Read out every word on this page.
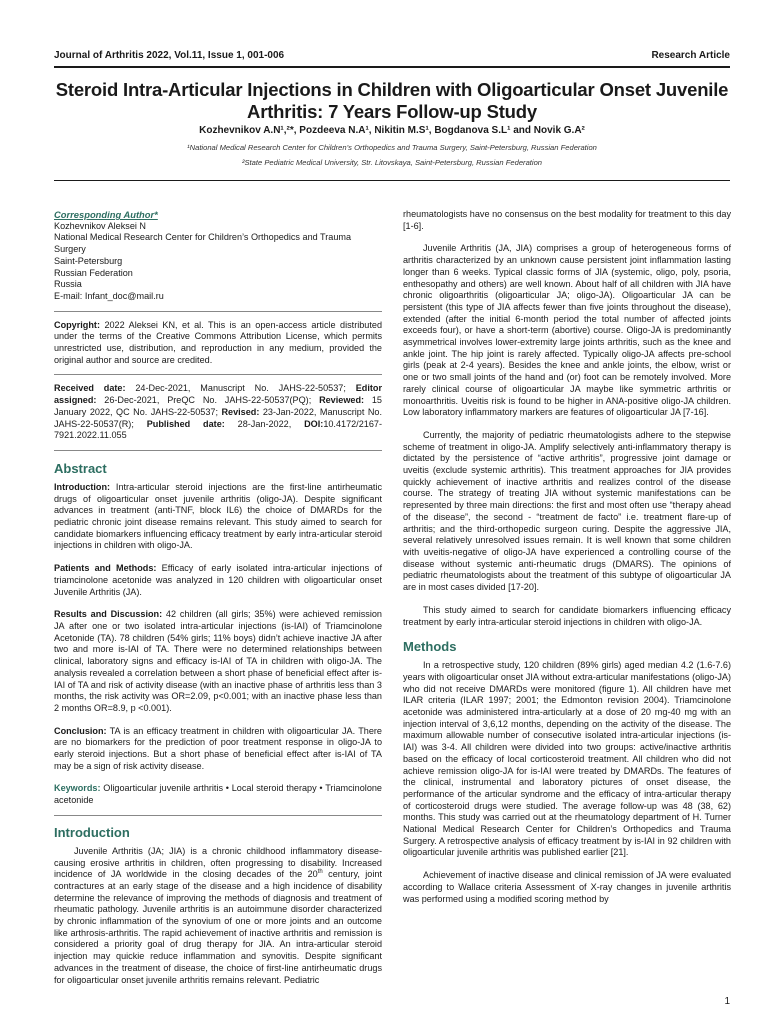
Journal of Arthritis 2022, Vol.11, Issue 1, 001-006	Research Article
Steroid Intra-Articular Injections in Children with Oligoarticular Onset Juvenile Arthritis: 7 Years Follow-up Study
Kozhevnikov A.N¹,²*, Pozdeeva N.A¹, Nikitin M.S¹, Bogdanova S.L¹ and Novik G.A²
¹National Medical Research Center for Children’s Orthopedics and Trauma Surgery, Saint-Petersburg, Russian Federation
²State Pediatric Medical University, Str. Litovskaya, Saint-Petersburg, Russian Federation

Corresponding Author*

Kozhevnikov Aleksei N

National Medical Research Center for Children’s Orthopedics and Trauma Surgery

Saint-Petersburg

Russian Federation

Russia

E-mail: Infant_doc@mail.ru

Copyright: 2022 Aleksei KN, et al. This is an open-access article distributed under the terms of the Creative Commons Attribution License, which permits unrestricted use, distribution, and reproduction in any medium, provided the original author and source are credited.

Received date: 24-Dec-2021, Manuscript No. JAHS-22-50537; Editor assigned: 26-Dec-2021, PreQC No. JAHS-22-50537(PQ); Reviewed: 15 January 2022, QC No. JAHS-22-50537; Revised: 23-Jan-2022, Manuscript No. JAHS-22-50537(R); Published date: 28-Jan-2022, DOI:10.4172/2167-7921.2022.11.055

Abstract

Introduction: Intra-articular steroid injections are the first-line antirheumatic drugs of oligoarticular onset juvenile arthritis (oligo-JA). Despite significant advances in treatment (anti-TNF, block IL6) the choice of DMARDs for the pediatric chronic joint disease remains relevant. This study aimed to search for candidate biomarkers influencing efficacy treatment by early intra-articular steroid injections in children with oligo-JA.

Patients and Methods: Efficacy of early isolated intra-articular injections of triamcinolone acetonide was analyzed in 120 children with oligoarticular onset Juvenile Arthritis (JA).

Results and Discussion: 42 children (all girls; 35%) were achieved remission JA after one or two isolated intra-articular injections (is-IAI) of Triamcinolone Acetonide (TA). 78 children (54% girls; 11% boys) didn’t achieve inactive JA after two and more is-IAI of TA. There were no determined relationships between clinical, laboratory signs and efficacy is-IAI of TA in children with oligo-JA. The analysis revealed a correlation between a short phase of beneficial effect after is-IAI of TA and risk of activity disease (with an inactive phase of arthritis less than 3 months, the risk activity was OR=2.09, p<0.001; with an inactive phase less than 2 months OR=8.9, p <0.001).

Conclusion: TA is an efficacy treatment in children with oligoarticular JA. There are no biomarkers for the prediction of poor treatment response in oligo-JA to early steroid injections. But a short phase of beneficial effect after is-IAI of TA may be a sign of risk activity disease.

Keywords: Oligoarticular juvenile arthritis • Local steroid therapy • Triamcinolone acetonide

Introduction

Juvenile Arthritis (JA; JIA) is a chronic childhood inflammatory disease-causing erosive arthritis in children, often progressing to disability. Increased incidence of JA worldwide in the closing decades of the 20th century, joint contractures at an early stage of the disease and a high incidence of disability determine the relevance of improving the methods of diagnosis and treatment of rheumatic pathology. Juvenile arthritis is an autoimmune disorder characterized by chronic inflammation of the synovium of one or more joints and an outcome like arthrosis-arthritis. The rapid achievement of inactive arthritis and remission is considered a priority goal of drug therapy for JIA. An intra-articular steroid injection may quickie reduce inflammation and synovitis. Despite significant advances in the treatment of disease, the choice of first-line antirheumatic drugs for oligoarticular onset juvenile arthritis remains relevant. Pediatric

rheumatologists have no consensus on the best modality for treatment to this day [1-6].

Juvenile Arthritis (JA, JIA) comprises a group of heterogeneous forms of arthritis characterized by an unknown cause persistent joint inflammation lasting longer than 6 weeks. Typical classic forms of JIA (systemic, oligo, poly, psoria, enthesopathy and others) are well known. About half of all children with JIA have chronic oligoarthritis (oligoarticular JA; oligo-JA). Oligoarticular JA can be persistent (this type of JIA affects fewer than five joints throughout the disease), extended (after the initial 6-month period the total number of affected joints exceeds four), or have a short-term (abortive) course. Oligo-JA is predominantly asymmetrical involves lower-extremity large joints arthritis, such as the knee and ankle joint. The hip joint is rarely affected. Typically oligo-JA affects pre-school girls (peak at 2-4 years). Besides the knee and ankle joints, the elbow, wrist or one or two small joints of the hand and (or) foot can be remotely involved. More rarely clinical course of oligoarticular JA maybe like symmetric arthritis or monoarthritis. Uveitis risk is found to be higher in ANA-positive oligo-JA children. Low laboratory inflammatory markers are features of oligoarticular JA [7-16].

Currently, the majority of pediatric rheumatologists adhere to the stepwise scheme of treatment in oligo-JA. Amplify selectively anti-inflammatory therapy is dictated by the persistence of “active arthritis”, progressive joint damage or uveitis (exclude systemic arthritis). This treatment approaches for JIA provides quickly achievement of inactive arthritis and realizes control of the disease course. The strategy of treating JIA without systemic manifestations can be represented by three main directions: the first and most often use “therapy ahead of the disease”, the second - “treatment de facto” i.e. treatment flare-up of arthritis; and the third-orthopedic surgeon curing. Despite the aggressive JIA, several relatively unresolved issues remain. It is well known that some children with uveitis-negative of oligo-JA have experienced a controlling course of the disease without systemic anti-rheumatic drugs (DMARS). The opinions of pediatric rheumatologists about the treatment of this subtype of oligoarticular JA are in most cases divided [17-20].

This study aimed to search for candidate biomarkers influencing efficacy treatment by early intra-articular steroid injections in children with oligo-JA.

Methods

In a retrospective study, 120 children (89% girls) aged median 4.2 (1.6-7.6) years with oligoarticular onset JIA without extra-articular manifestations (oligo-JA) who did not receive DMARDs were monitored (figure 1). All children have met ILAR criteria (ILAR 1997; 2001; the Edmonton revision 2004). Triamcinolone acetonide was administered intra-articularly at a dose of 20 mg-40 mg with an injection interval of 3,6,12 months, depending on the activity of the disease. The maximum allowable number of consecutive isolated intra-articular injections (is-IAI) was 3-4. All children were divided into two groups: active/inactive arthritis based on the efficacy of local corticosteroid treatment. All children who did not achieve remission oligo-JA for is-IAI were treated by DMARDs. The features of the clinical, instrumental and laboratory pictures of onset disease, the performance of the articular syndrome and the efficacy of intra-articular therapy of corticosteroid drugs were studied. The average follow-up was 48 (38, 62) months. This study was carried out at the rheumatology department of H. Turner National Medical Research Center for Children’s Orthopedics and Trauma Surgery. A retrospective analysis of efficacy treatment by is-IAI in 92 children with oligoarticular juvenile arthritis was published earlier [21].

Achievement of inactive disease and clinical remission of JA were evaluated according to Wallace criteria Assessment of X-ray changes in juvenile arthritis was performed using a modified scoring method by

1
